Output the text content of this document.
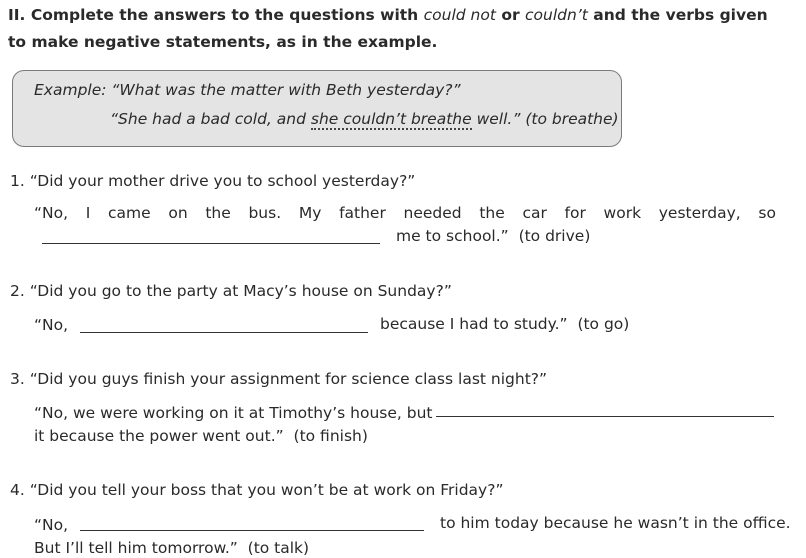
II. Complete the answers to the questions with could not or couldn’t and the verbs given to make negative statements, as in the example.
Example: “What was the matter with Beth yesterday?”
“She had a bad cold, and she couldn’t breathe well.” (to breathe)
1. “Did your mother drive you to school yesterday?”
“No, I came on the bus. My father needed the car for work yesterday, so
me to school.” (to drive)
2. “Did you go to the party at Macy’s house on Sunday?”
“No,	because I had to study.” (to go)
3. “Did you guys finish your assignment for science class last night?”
“No, we were working on it at Timothy’s house, but
it because the power went out.” (to finish)
4. “Did you tell your boss that you won’t be at work on Friday?”
“No,	to him today because he wasn’t in the office.
But I’ll tell him tomorrow.” (to talk)
